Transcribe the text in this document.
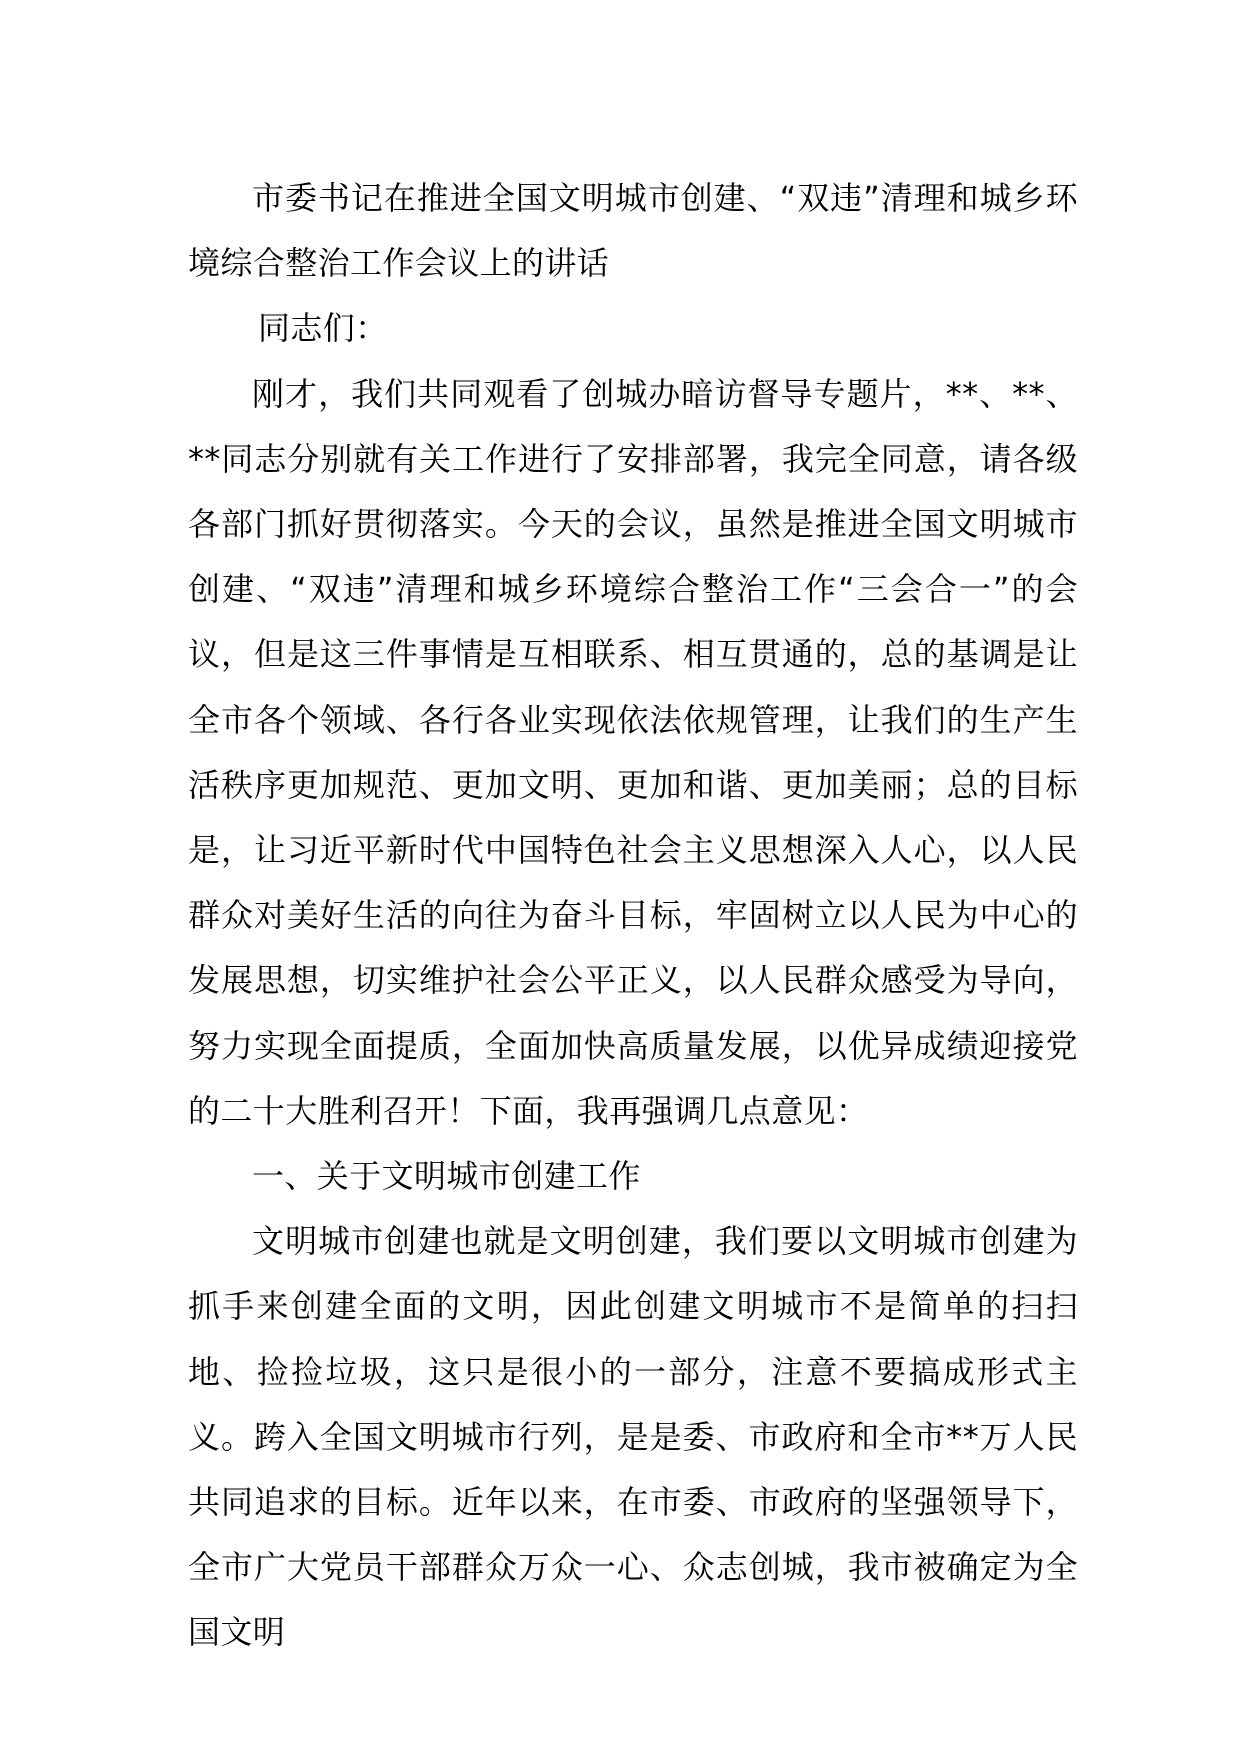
市委书记在推进全国文明城市创建、“双违”清理和城乡环境综合整治工作会议上的讲话

同志们：

刚才，我们共同观看了创城办暗访督导专题片，**、**、**同志分别就有关工作进行了安排部署，我完全同意，请各级各部门抓好贯彻落实。今天的会议，虽然是推进全国文明城市创建、“双违”清理和城乡环境综合整治工作“三会合一”的会议，但是这三件事情是互相联系、相互贯通的，总的基调是让全市各个领域、各行各业实现依法依规管理，让我们的生产生活秩序更加规范、更加文明、更加和谐、更加美丽；总的目标是，让习近平新时代中国特色社会主义思想深入人心，以人民群众对美好生活的向往为奋斗目标，牢固树立以人民为中心的发展思想，切实维护社会公平正义，以人民群众感受为导向，努力实现全面提质，全面加快高质量发展，以优异成绩迎接党的二十大胜利召开！下面，我再强调几点意见：

一、关于文明城市创建工作

文明城市创建也就是文明创建，我们要以文明城市创建为抓手来创建全面的文明，因此创建文明城市不是简单的扫扫地、捡捡垃圾，这只是很小的一部分，注意不要搞成形式主义。跨入全国文明城市行列，是是委、市政府和全市**万人民共同追求的目标。近年以来，在市委、市政府的坚强领导下，全市广大党员干部群众万众一心、众志创城，我市被确定为全国文明
